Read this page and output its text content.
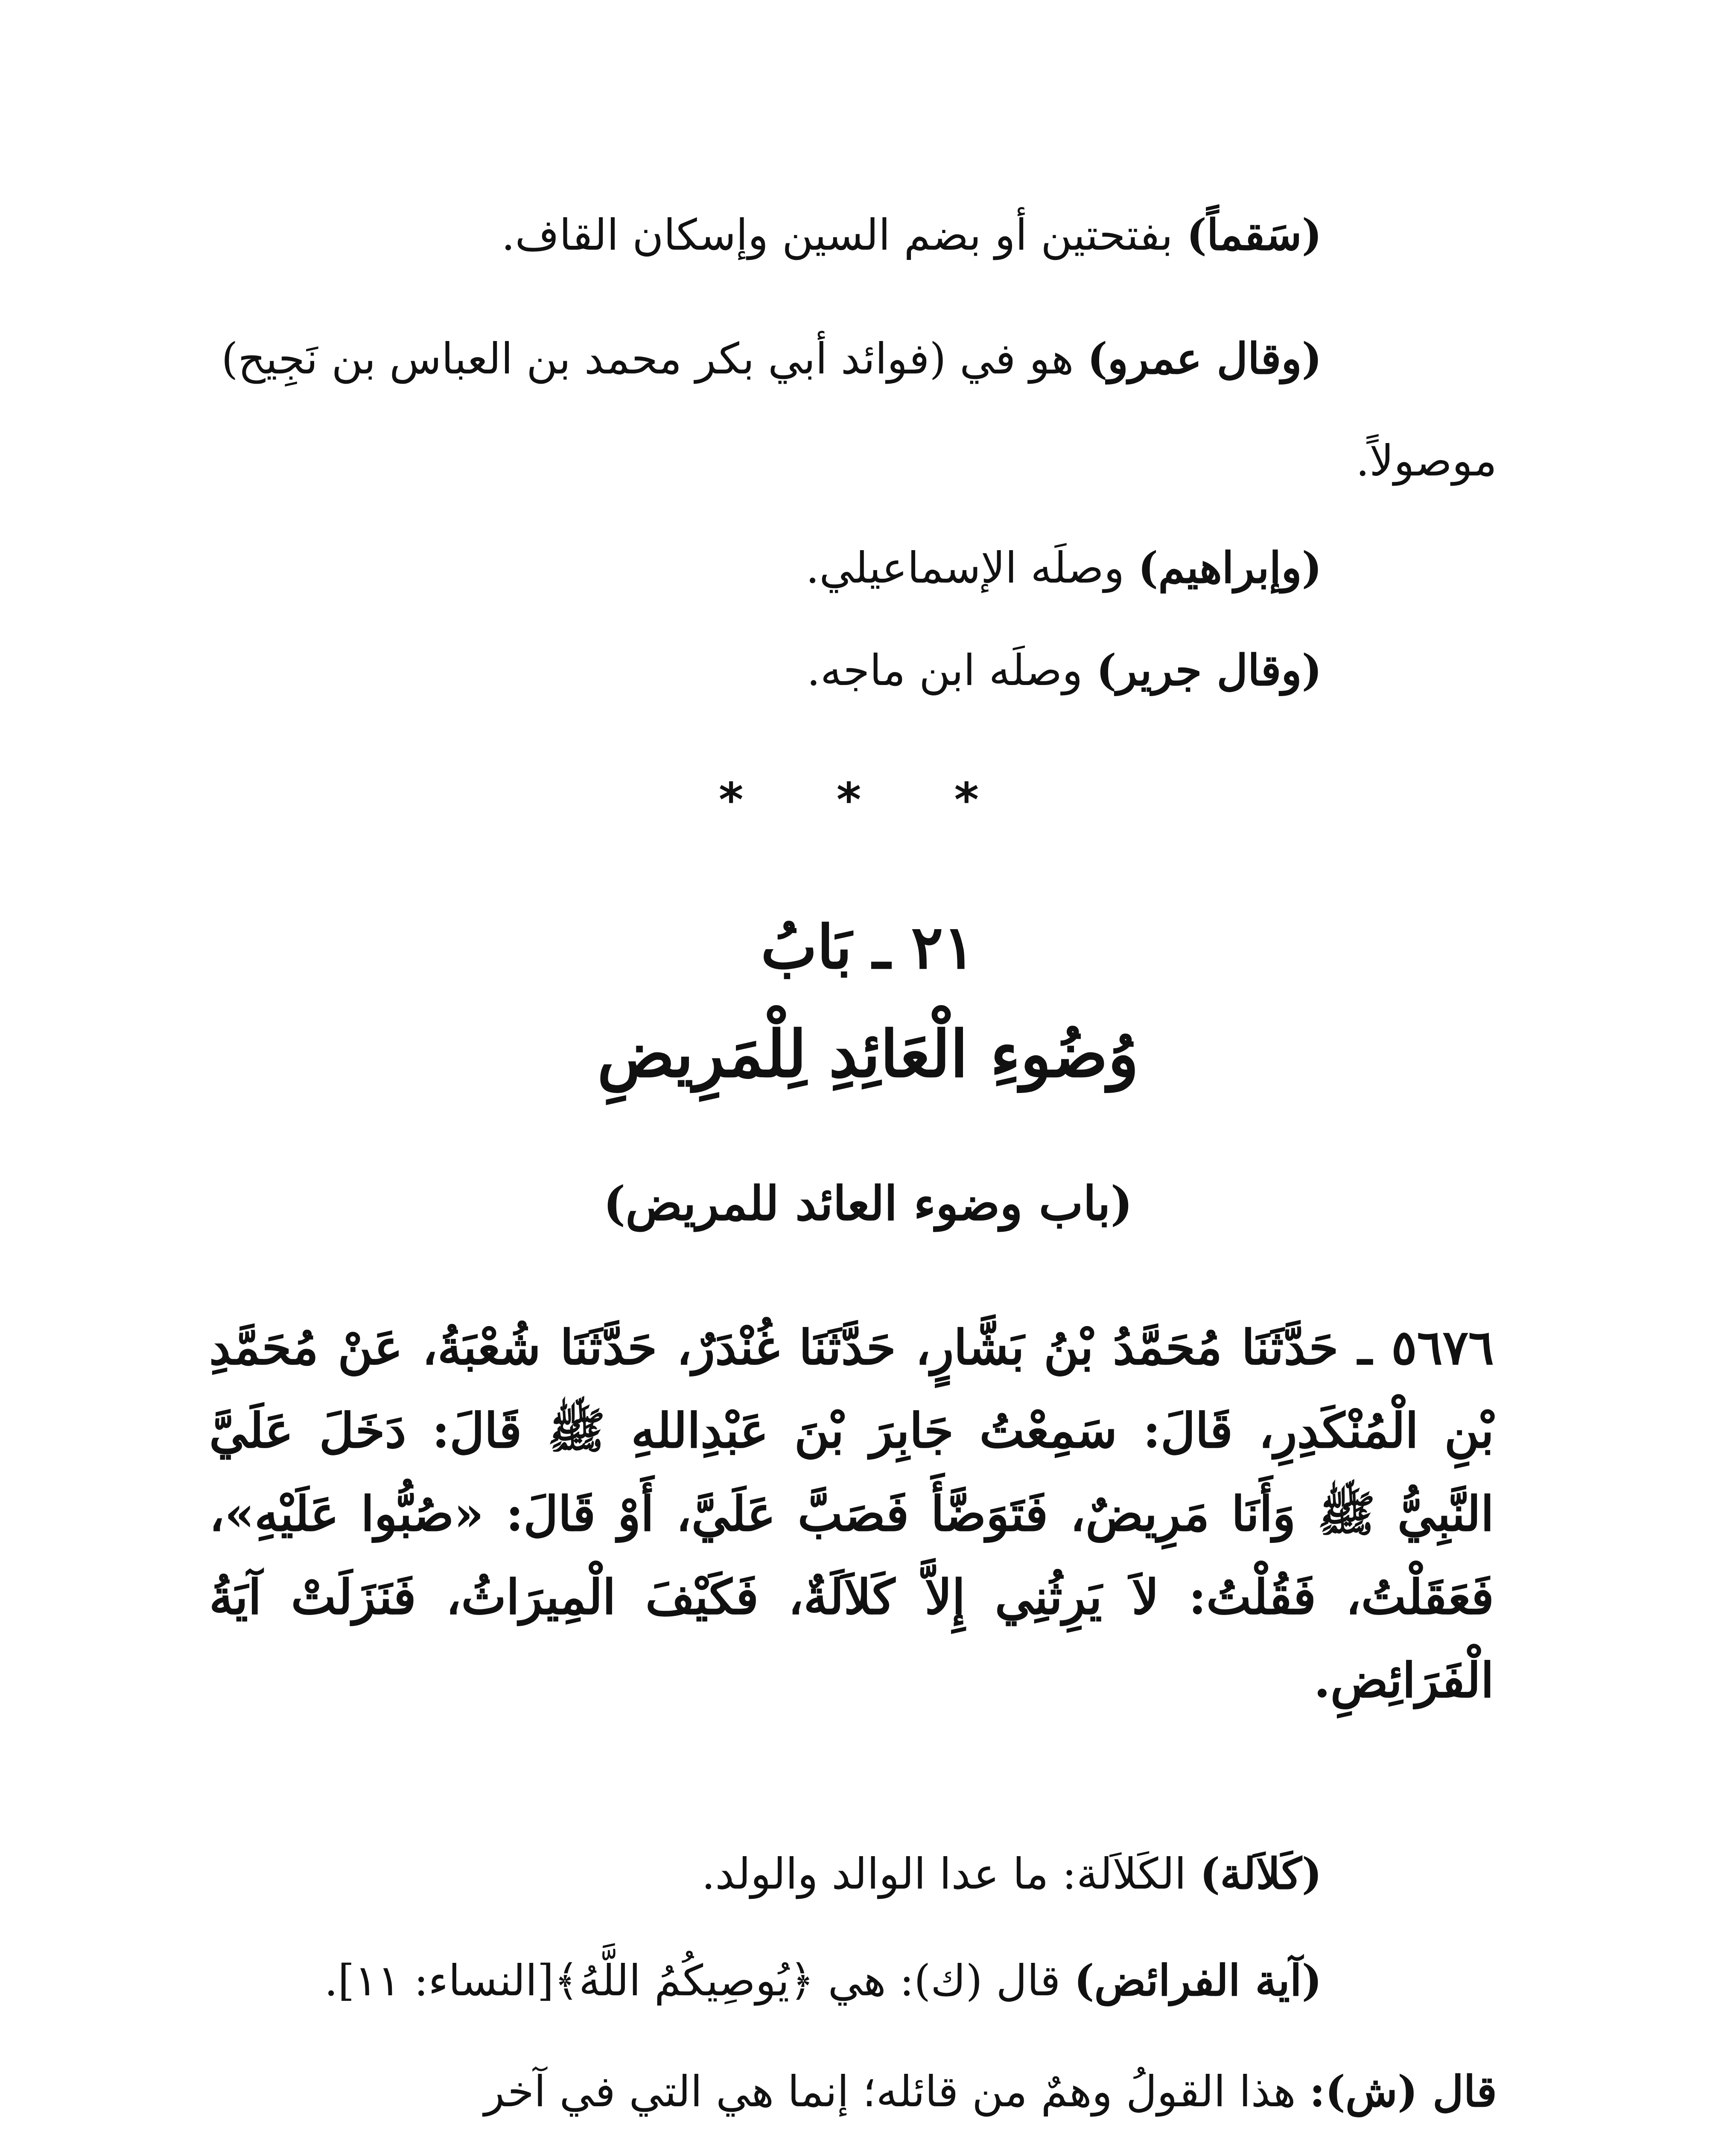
(سَقماً) بفتحتين أو بضم السين وإسكان القاف.
(وقال عمرو) هو في (فوائد أبي بكر محمد بن العباس بن نَجِيح)
موصولاً.
(وإبراهيم) وصلَه الإسماعيلي.
(وقال جرير) وصلَه ابن ماجه.
* * *
٢١ ـ بَابُ
وُضُوءِ الْعَائِدِ لِلْمَرِيضِ
(باب وضوء العائد للمريض)
٥٦٧٦ ـ حَدَّثَنَا مُحَمَّدُ بْنُ بَشَّارٍ، حَدَّثَنَا غُنْدَرٌ، حَدَّثَنَا شُعْبَةُ، عَنْ مُحَمَّدِ بْنِ الْمُنْكَدِرِ، قَالَ: سَمِعْتُ جَابِرَ بْنَ عَبْدِاللهِ ﷺ قَالَ: دَخَلَ عَلَيَّ النَّبِيُّ ﷺ وَأَنَا مَرِيضٌ، فَتَوَضَّأَ فَصَبَّ عَلَيَّ، أَوْ قَالَ: «صُبُّوا عَلَيْهِ»، فَعَقَلْتُ، فَقُلْتُ: لاَ يَرِثُنِي إِلاَّ كَلاَلَةٌ، فَكَيْفَ الْمِيرَاثُ، فَنَزَلَتْ آيَةُ الْفَرَائِضِ.
(كَلاَلة) الكَلاَلة: ما عدا الوالد والولد.
(آية الفرائض) قال (ك): هي ﴿يُوصِيكُمُ اللَّهُ﴾[النساء: ١١].
قال (ش): هذا القولُ وهمٌ من قائله؛ إنما هي التي في آخر
